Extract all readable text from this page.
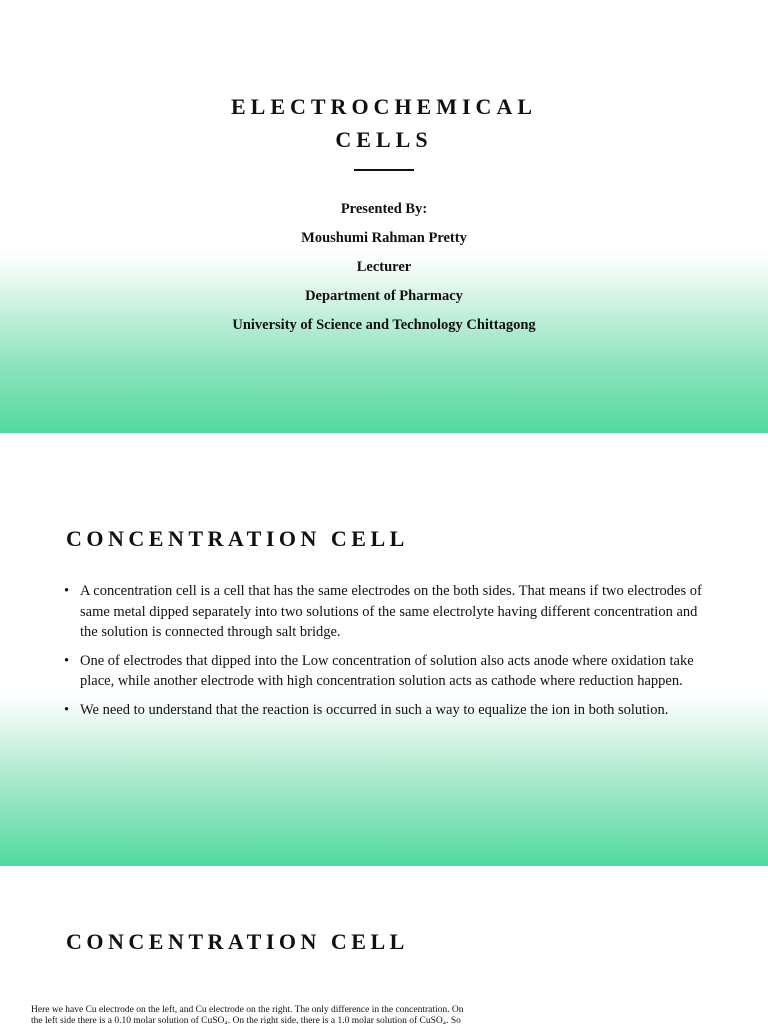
ELECTROCHEMICAL
CELLS
Presented By:
Moushumi Rahman Pretty
Lecturer
Department of Pharmacy
University of Science and Technology Chittagong
CONCENTRATION CELL
• A concentration cell is a cell that has the same electrodes on the both sides. That means if two electrodes of same metal dipped separately into two solutions of the same electrolyte having different concentration and the solution is connected through salt bridge.
• One of electrodes that dipped into the Low concentration of solution also acts anode where oxidation take place, while another electrode with high concentration solution acts as cathode where reduction happen.
• We need to understand that the reaction is occurred in such a way to equalize the ion in both solution.
CONCENTRATION CELL
Here we have Cu electrode on the left, and Cu electrode on the right. The only difference in the concentration. On the left side there is a 0.10 molar solution of CuSO₄. On the right side, there is a 1.0 molar solution of CuSO₄. So
